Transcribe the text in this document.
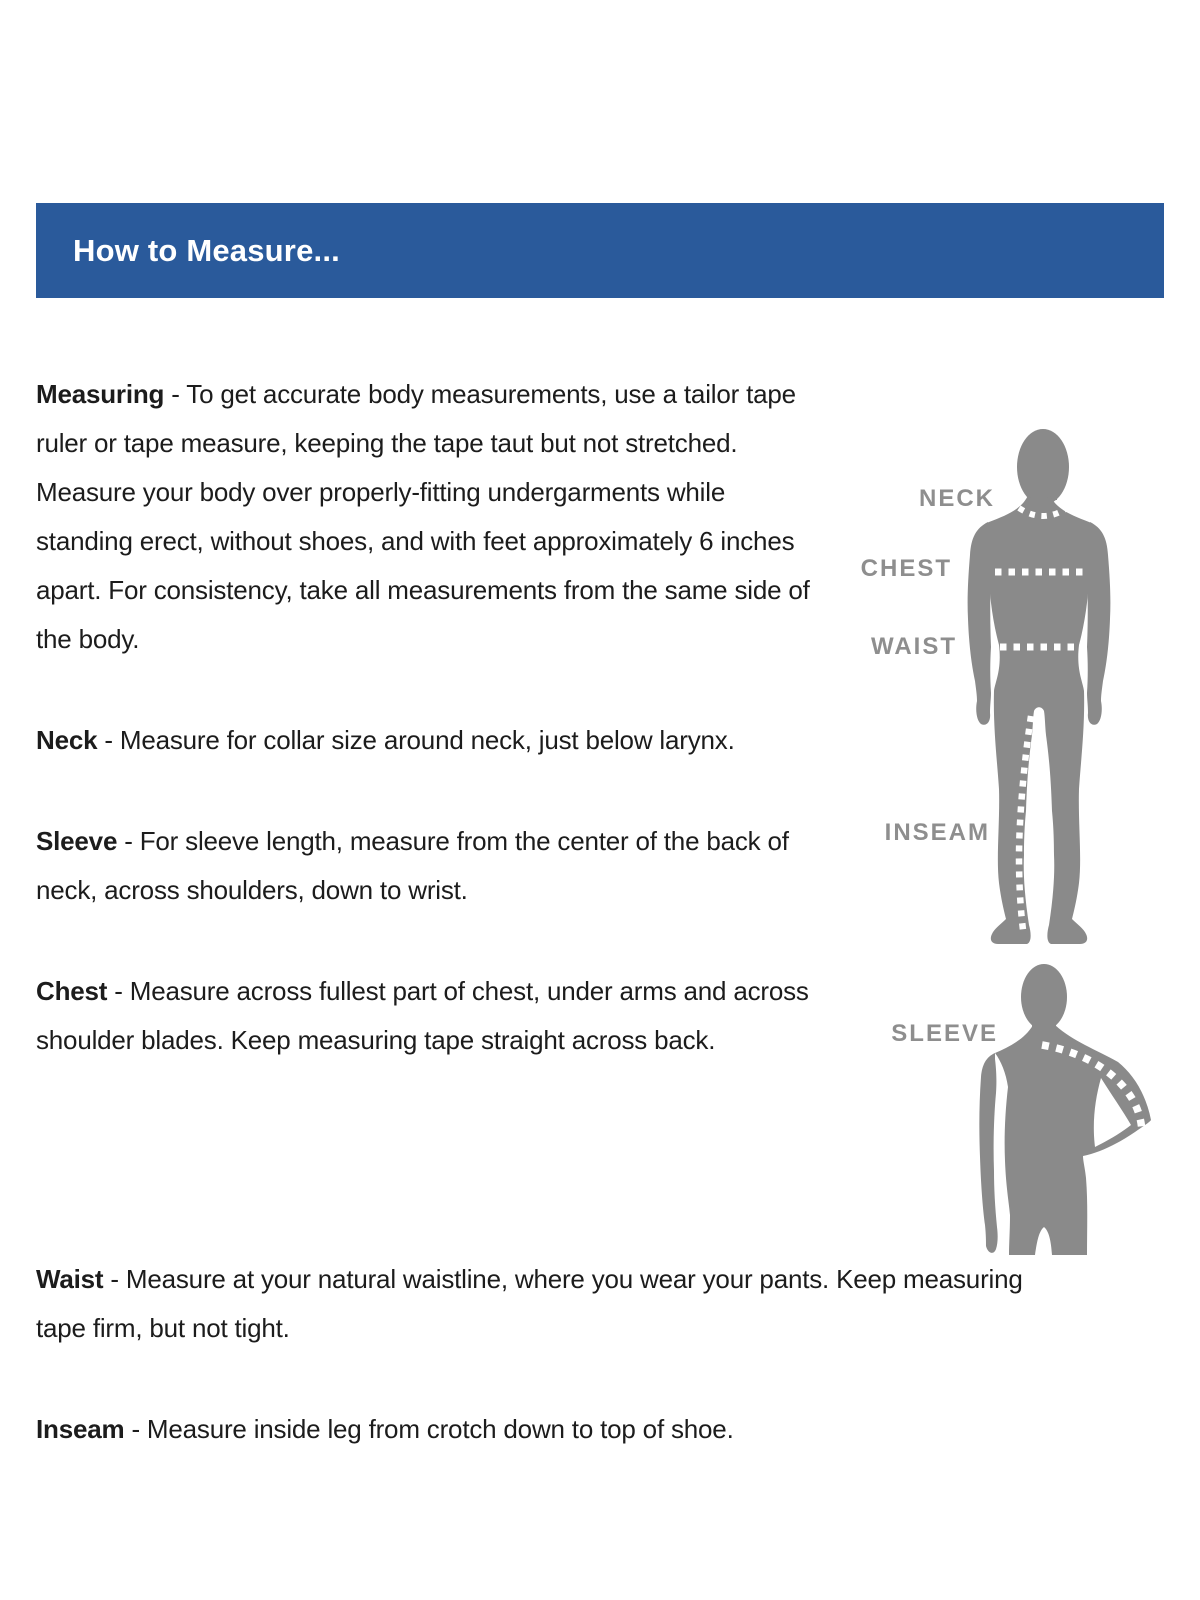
How to Measure...
NECK
CHEST
WAIST
INSEAM
SLEEVE

Measuring - To get accurate body measurements, use a tailor tape ruler or tape measure, keeping the tape taut but not stretched. Measure your body over properly-fitting undergarments while standing erect, without shoes, and with feet approximately 6 inches apart. For consistency, take all measurements from the same side of the body.

Neck - Measure for collar size around neck, just below larynx.

Sleeve - For sleeve length, measure from the center of the back of neck, across shoulders, down to wrist.

Chest - Measure across fullest part of chest, under arms and across shoulder blades. Keep measuring tape straight across back.

Waist - Measure at your natural waistline, where you wear your pants. Keep measuring tape firm, but not tight.

Inseam - Measure inside leg from crotch down to top of shoe.
